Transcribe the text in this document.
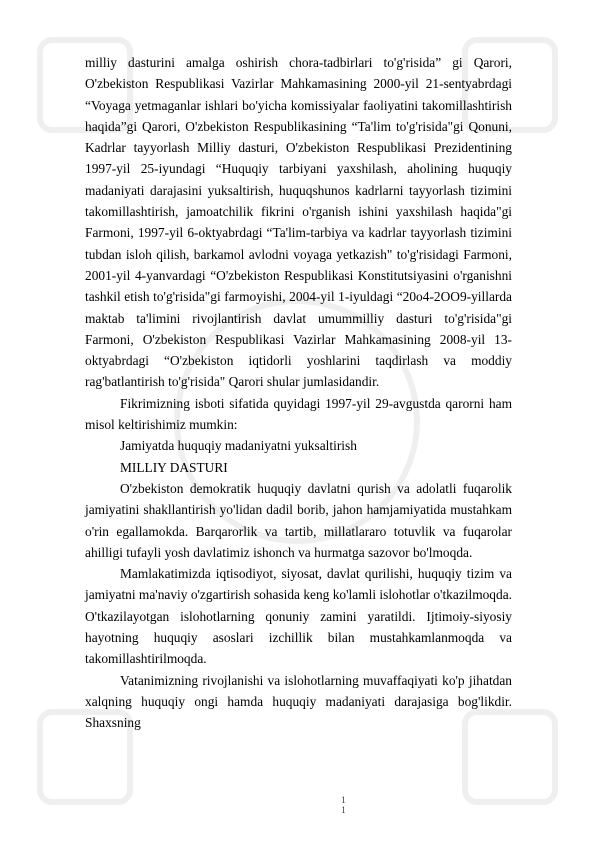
milliy dasturini amalga oshirish chora-tadbirlari to'g'risida” gi Qarori, O'zbekiston Respublikasi Vazirlar Mahkamasining 2000-yil 21-sentyabrdagi “Voyaga yetmaganlar ishlari bo'yicha komissiyalar faoliyatini takomillashtirish haqida”gi Qarori, O'zbekiston Respublikasining “Ta'lim to'g'risida"gi Qonuni, Kadrlar tayyorlash Milliy dasturi, O'zbekiston Respublikasi Prezidentining 1997-yil 25-iyundagi “Huquqiy tarbiyani yaxshilash, aholining huquqiy madaniyati darajasini yuksaltirish, huquqshunos kadrlarni tayyorlash tizimini takomillashtirish, jamoatchilik fikrini o'rganish ishini yaxshilash haqida"gi Farmoni, 1997-yil 6-oktyabrdagi “Ta'lim-tarbiya va kadrlar tayyorlash tizimini tubdan isloh qilish, barkamol avlodni voyaga yetkazish" to'g'risidagi Farmoni, 2001-yil 4-yanvardagi “O'zbekiston Respublikasi Konstitutsiyasini o'rganishni tashkil etish to'g'risida"gi farmoyishi, 2004-yil 1-iyuldagi “20o4-2OO9-yillarda maktab ta'limini rivojlantirish davlat umummilliy dasturi to'g'risida"gi Farmoni, O'zbekiston Respublikasi Vazirlar Mahkamasining 2008-yil 13-oktyabrdagi “O'zbekiston iqtidorli yoshlarini taqdirlash va moddiy rag'batlantirish to'g'risida" Qarori shular jumlasidandir.

Fikrimizning isboti sifatida quyidagi 1997-yil 29-avgustda qarorni ham misol keltirishimiz mumkin:

Jamiyatda huquqiy madaniyatni yuksaltirish

MILLIY DASTURI

O'zbekiston demokratik huquqiy davlatni qurish va adolatli fuqarolik jamiyatini shakllantirish yo'lidan dadil borib, jahon hamjamiyatida mustahkam o'rin egallamokda. Barqarorlik va tartib, millatlararo totuvlik va fuqarolar ahilligi tufayli yosh davlatimiz ishonch va hurmatga sazovor bo'lmoqda.

Mamlakatimizda iqtisodiyot, siyosat, davlat qurilishi, huquqiy tizim va jamiyatni ma'naviy o'zgartirish sohasida keng ko'lamli islohotlar o'tkazilmoqda. O'tkazilayotgan islohotlarning qonuniy zamini yaratildi. Ijtimoiy-siyosiy hayotning huquqiy asoslari izchillik bilan mustahkamlanmoqda va takomillashtirilmoqda.

Vatanimizning rivojlanishi va islohotlarning muvaffaqiyati ko'p jihatdan xalqning huquqiy ongi hamda huquqiy madaniyati darajasiga bog'likdir. Shaxsning

1
1
